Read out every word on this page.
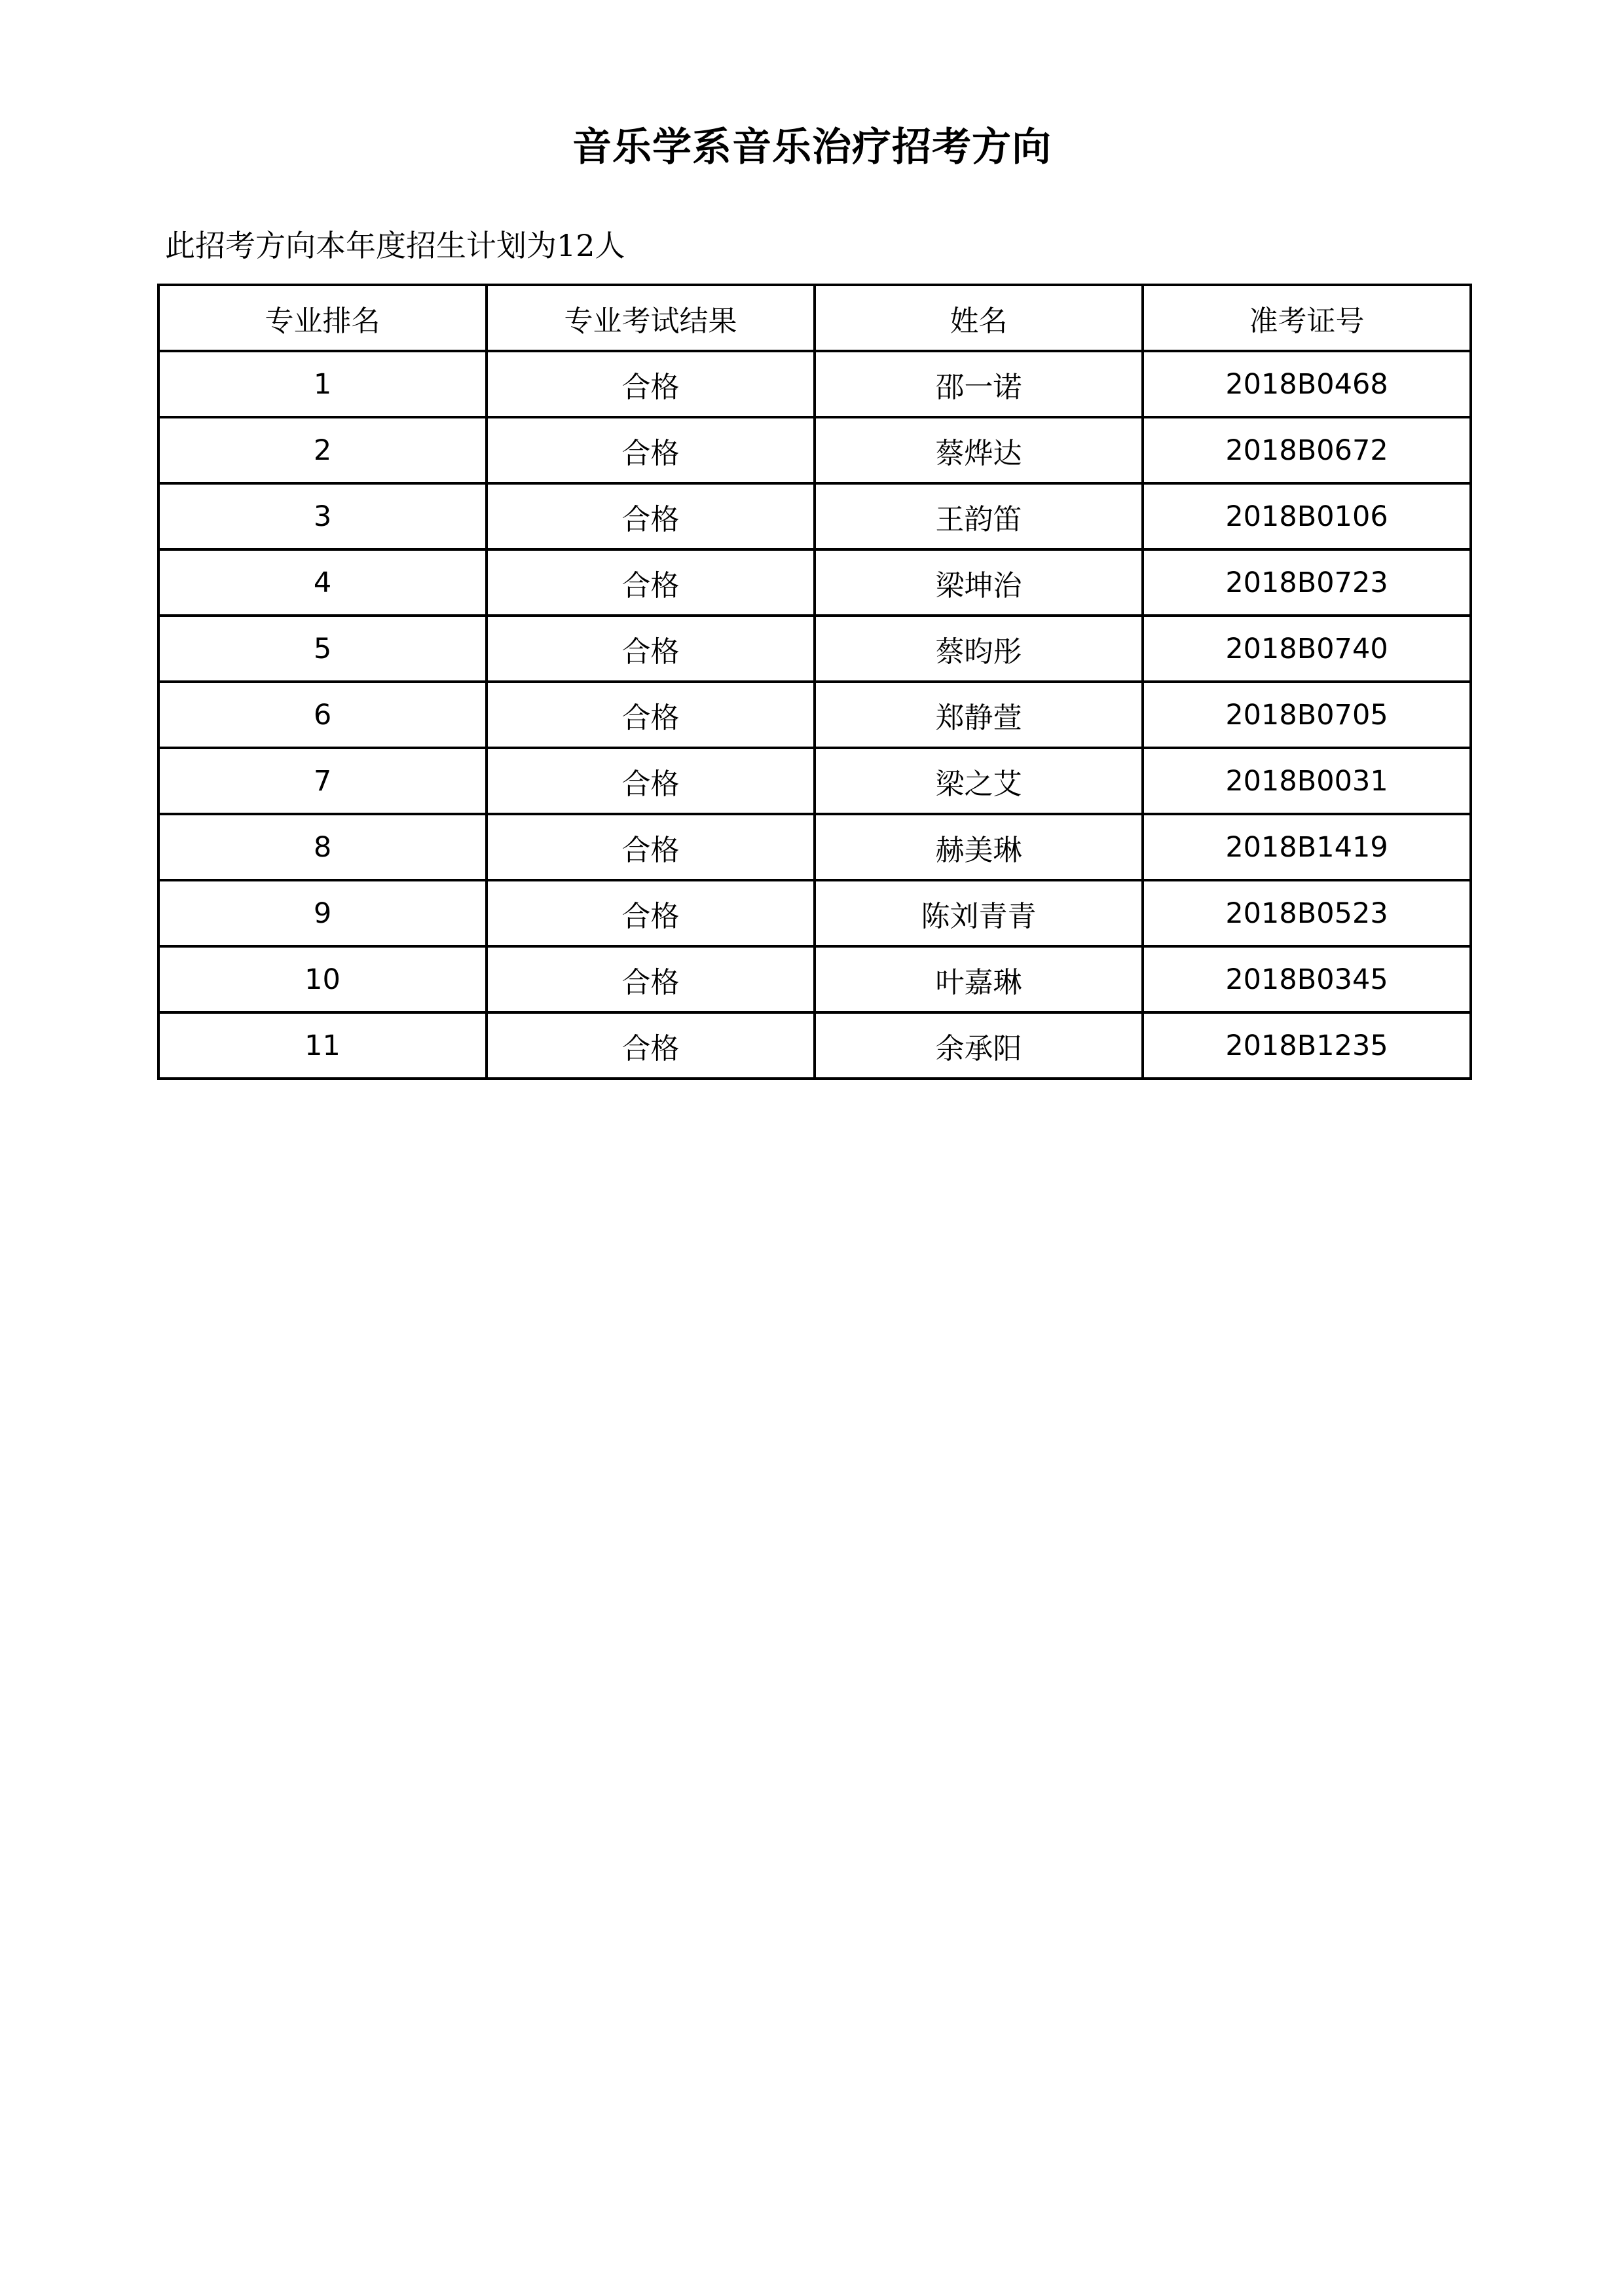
音乐学系音乐治疗招考方向
此招考方向本年度招生计划为12人
专业排名	专业考试结果	姓名	准考证号
1	合格	邵一诺	2018B0468
2	合格	蔡烨达	2018B0672
3	合格	王韵笛	2018B0106
4	合格	梁坤治	2018B0723
5	合格	蔡昀彤	2018B0740
6	合格	郑静萱	2018B0705
7	合格	梁之艾	2018B0031
8	合格	赫美琳	2018B1419
9	合格	陈刘青青	2018B0523
10	合格	叶嘉琳	2018B0345
11	合格	余承阳	2018B1235
